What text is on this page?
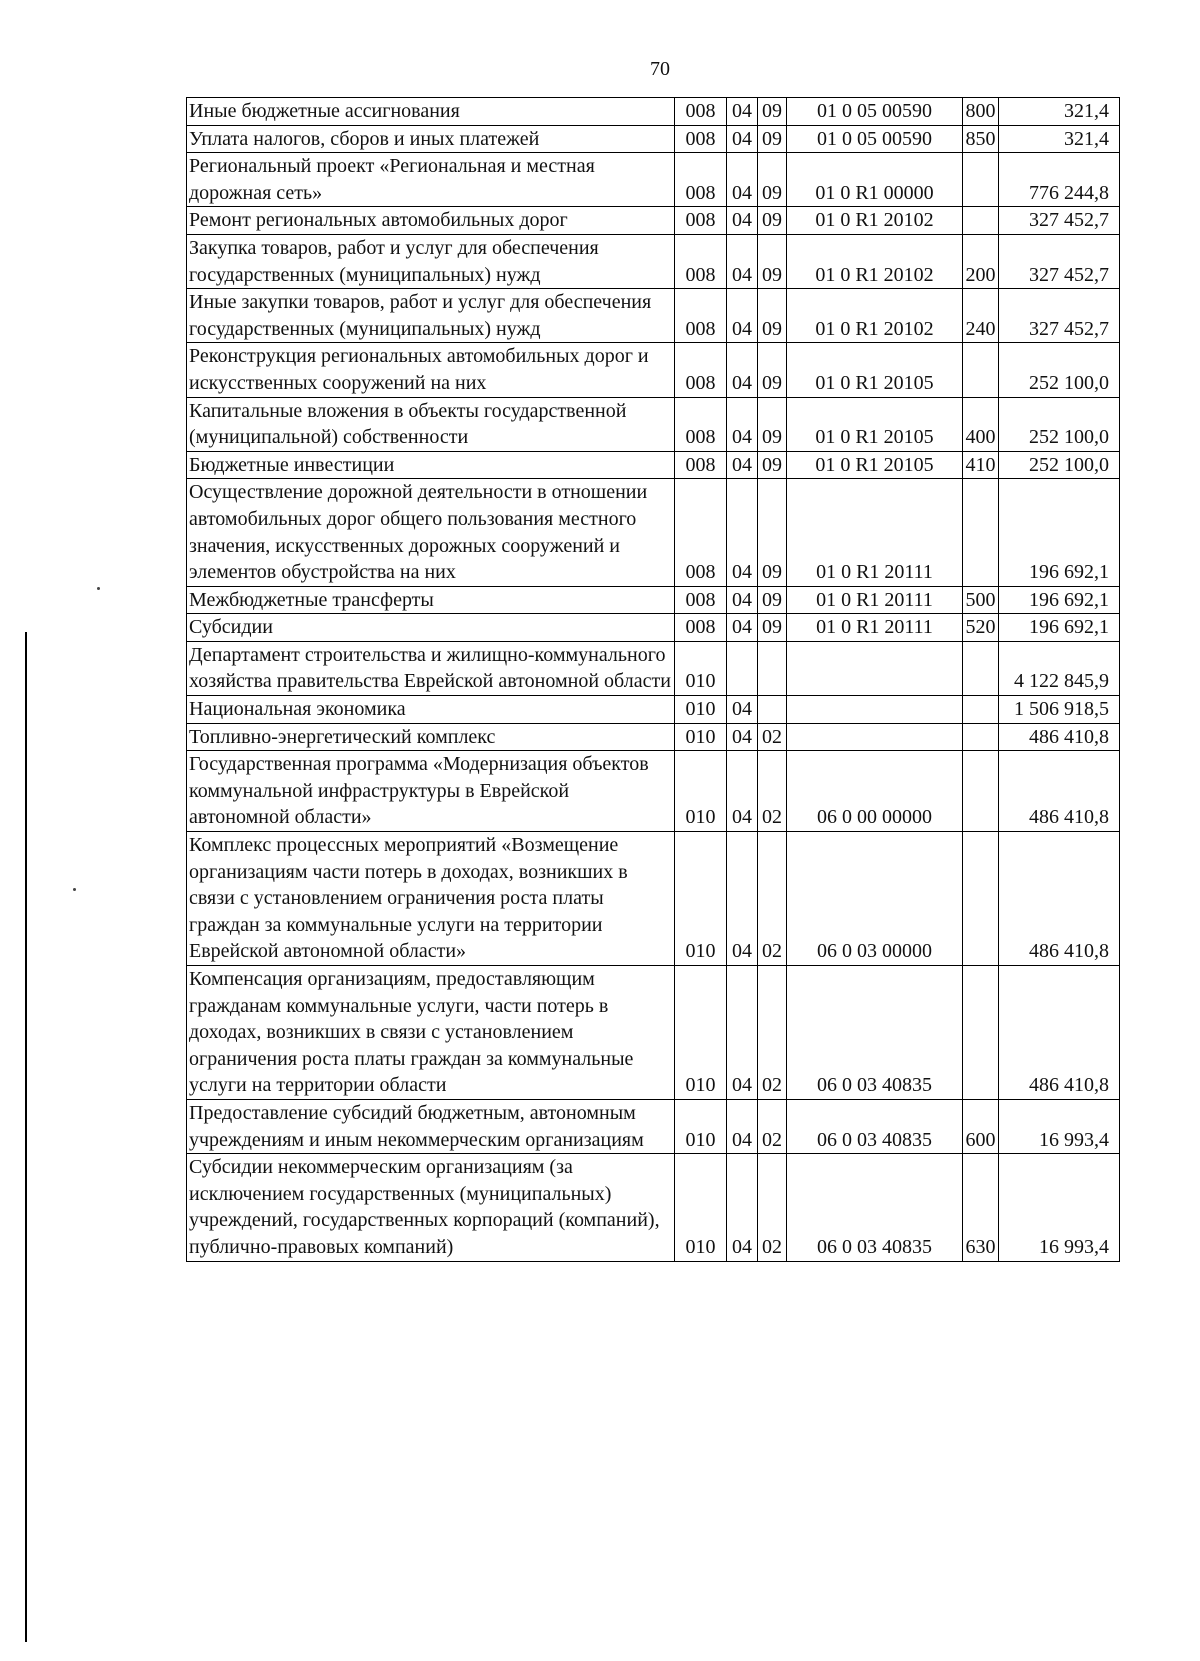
70
Иные бюджетные ассигнования	008	04	09	01 0 05 00590	800	321,4
Уплата налогов, сборов и иных платежей	008	04	09	01 0 05 00590	850	321,4
Региональный проект «Региональная и местная дорожная сеть»	008	04	09	01 0 R1 00000		776 244,8
Ремонт региональных автомобильных дорог	008	04	09	01 0 R1 20102		327 452,7
Закупка товаров, работ и услуг для обеспечения государственных (муниципальных) нужд	008	04	09	01 0 R1 20102	200	327 452,7
Иные закупки товаров, работ и услуг для обеспечения государственных (муниципальных) нужд	008	04	09	01 0 R1 20102	240	327 452,7
Реконструкция региональных автомобильных дорог и искусственных сооружений на них	008	04	09	01 0 R1 20105		252 100,0
Капитальные вложения в объекты государственной (муниципальной) собственности	008	04	09	01 0 R1 20105	400	252 100,0
Бюджетные инвестиции	008	04	09	01 0 R1 20105	410	252 100,0
Осуществление дорожной деятельности в отношении автомобильных дорог общего пользования местного значения, искусственных дорожных сооружений и элементов обустройства на них	008	04	09	01 0 R1 20111		196 692,1
Межбюджетные трансферты	008	04	09	01 0 R1 20111	500	196 692,1
Субсидии	008	04	09	01 0 R1 20111	520	196 692,1
Департамент строительства и жилищно-коммунального хозяйства правительства Еврейской автономной области	010					4 122 845,9
Национальная экономика	010	04				1 506 918,5
Топливно-энергетический комплекс	010	04	02			486 410,8
Государственная программа «Модернизация объектов коммунальной инфраструктуры в Еврейской автономной области»	010	04	02	06 0 00 00000		486 410,8
Комплекс процессных мероприятий «Возмещение организациям части потерь в доходах, возникших в связи с установлением ограничения роста платы граждан за коммунальные услуги на территории Еврейской автономной области»	010	04	02	06 0 03 00000		486 410,8
Компенсация организациям, предоставляющим гражданам коммунальные услуги, части потерь в доходах, возникших в связи с установлением ограничения роста платы граждан за коммунальные услуги на территории области	010	04	02	06 0 03 40835		486 410,8
Предоставление субсидий бюджетным, автономным учреждениям и иным некоммерческим организациям	010	04	02	06 0 03 40835	600	16 993,4
Субсидии некоммерческим организациям (за исключением государственных (муниципальных) учреждений, государственных корпораций (компаний), публично-правовых компаний)	010	04	02	06 0 03 40835	630	16 993,4
